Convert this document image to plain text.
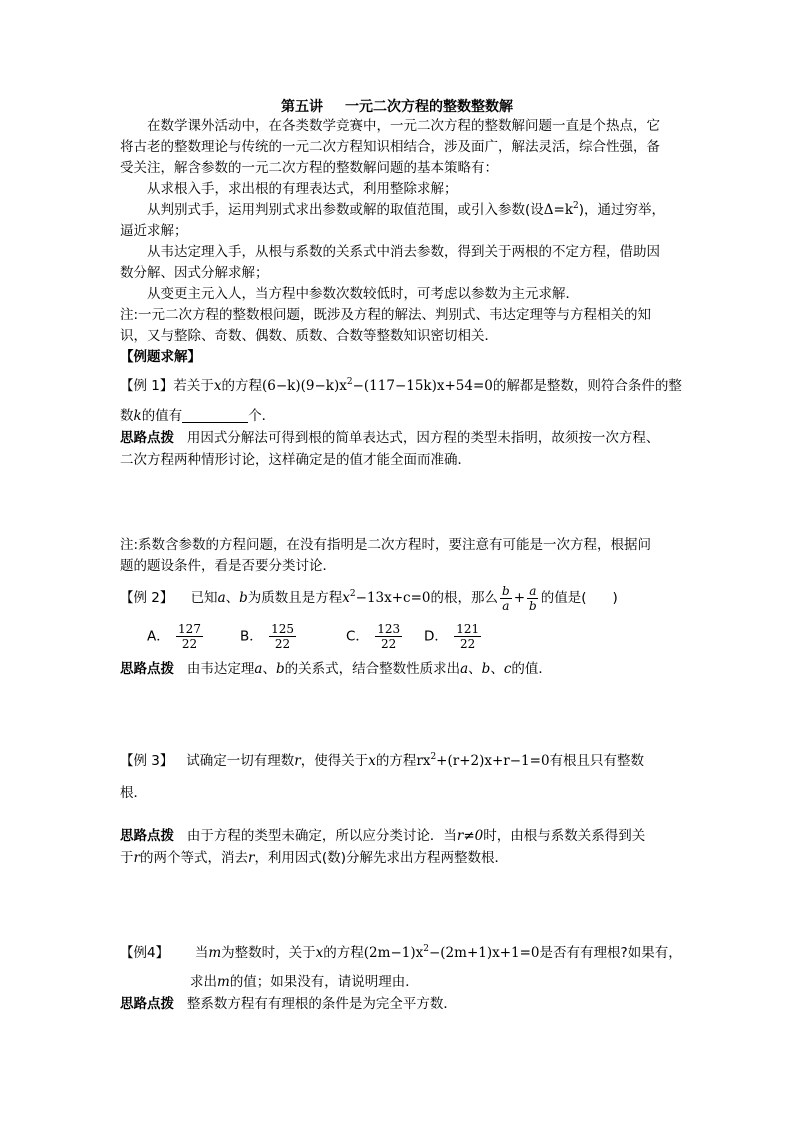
第五讲 一元二次方程的整数整数解
在数学课外活动中，在各类数学竞赛中，一元二次方程的整数解问题一直是个热点，它
将古老的整数理论与传统的一元二次方程知识相结合，涉及面广，解法灵活，综合性强，备
受关注，解含参数的一元二次方程的整数解问题的基本策略有：
从求根入手，求出根的有理表达式，利用整除求解；
从判别式手，运用判别式求出参数或解的取值范围，或引入参数(设$\Delta=k^2$)，通过穷举，
逼近求解；
从韦达定理入手，从根与系数的关系式中消去参数，得到关于两根的不定方程，借助因
数分解、因式分解求解；
从变更主元入人，当方程中参数次数较低时，可考虑以参数为主元求解．
注:一元二次方程的整数根问题，既涉及方程的解法、判别式、韦达定理等与方程相关的知
识，又与整除、奇数、偶数、质数、合数等整数知识密切相关．
【例题求解】
【例 1】若关于x的方程$(6-k)(9-k)x^2-(117-15k)x+54=0$的解都是整数，则符合条件的整
数k的值有	个．
思路点拨 用因式分解法可得到根的简单表达式，因方程的类型未指明，故须按一次方程、
二次方程两种情形讨论，这样确定是的值才能全面而准确．
注:系数含参数的方程问题，在没有指明是二次方程时，要注意有可能是一次方程，根据问
题的题设条件，看是否要分类讨论．
【例 2】 已知a、b为质数且是方程$x^2-13x+c=0$的根，那么 $\frac{b}{a} + \frac{a}{b}$ 的值是( )
A． $\frac{127}{22}$	B． $\frac{125}{22}$	C． $\frac{123}{22}$ D． $\frac{121}{22}$
思路点拨 由韦达定理a、b的关系式，结合整数性质求出a、b、c的值．
【例 3】 试确定一切有理数r，使得关于x的方程$rx^2+(r+2)x+r-1=0$有根且只有整数
根．
思路点拨 由于方程的类型未确定，所以应分类讨论．当r≠0时，由根与系数关系得到关
于r的两个等式，消去r，利用因式(数)分解先求出方程两整数根．
【例4】 当m为整数时，关于x的方程$(2m-1)x^2-(2m+1)x+1=0$是否有有理根?如果有，
求出m的值；如果没有，请说明理由．
思路点拨 整系数方程有有理根的条件是为完全平方数．
